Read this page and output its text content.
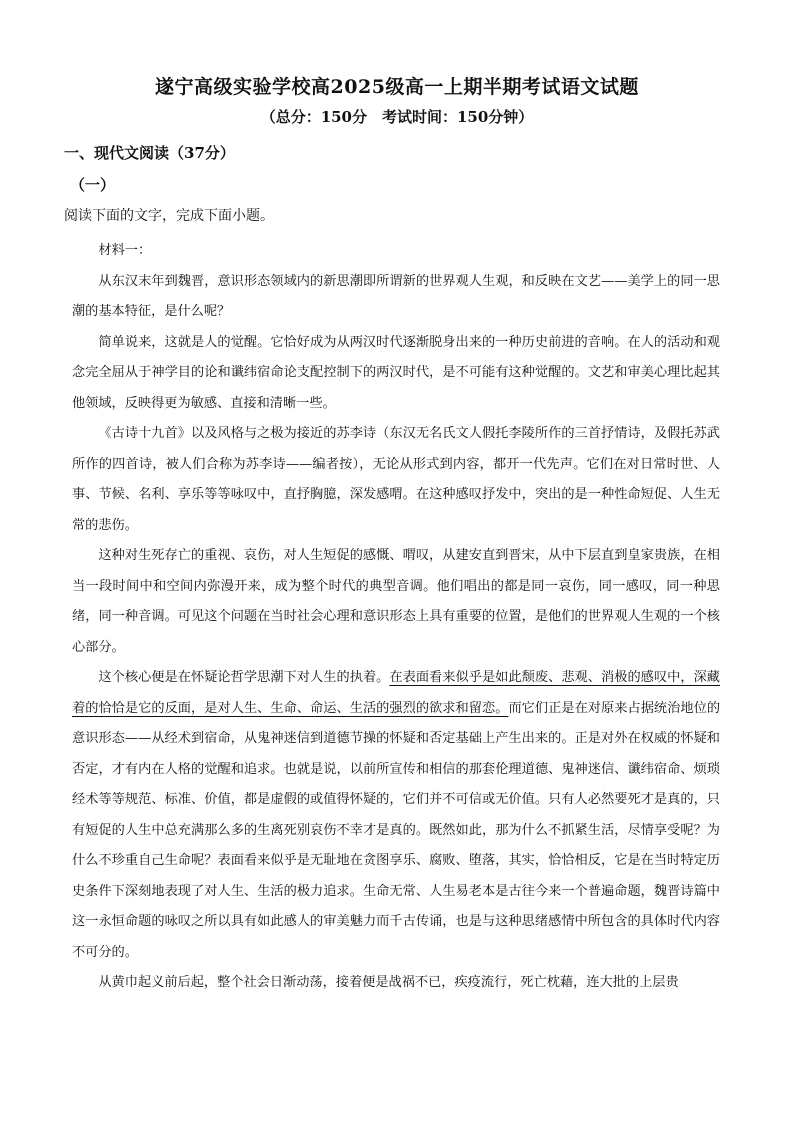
遂宁高级实验学校高2025级高一上期半期考试语文试题
（总分：150分　考试时间：150分钟）
一、现代文阅读（37分）
（一）
阅读下面的文字，完成下面小题。

材料一：

从东汉末年到魏晋，意识形态领域内的新思潮即所谓新的世界观人生观，和反映在文艺——美学上的同一思潮的基本特征，是什么呢？

简单说来，这就是人的觉醒。它恰好成为从两汉时代逐渐脱身出来的一种历史前进的音响。在人的活动和观念完全屈从于神学目的论和谶纬宿命论支配控制下的两汉时代，是不可能有这种觉醒的。文艺和审美心理比起其他领域，反映得更为敏感、直接和清晰一些。

《古诗十九首》以及风格与之极为接近的苏李诗（东汉无名氏文人假托李陵所作的三首抒情诗，及假托苏武所作的四首诗，被人们合称为苏李诗——编者按），无论从形式到内容，都开一代先声。它们在对日常时世、人事、节候、名利、享乐等等咏叹中，直抒胸臆，深发感喟。在这种感叹抒发中，突出的是一种性命短促、人生无常的悲伤。

这种对生死存亡的重视、哀伤，对人生短促的感慨、喟叹，从建安直到晋宋，从中下层直到皇家贵族，在相当一段时间中和空间内弥漫开来，成为整个时代的典型音调。他们唱出的都是同一哀伤，同一感叹，同一种思绪，同一种音调。可见这个问题在当时社会心理和意识形态上具有重要的位置，是他们的世界观人生观的一个核心部分。

这个核心便是在怀疑论哲学思潮下对人生的执着。在表面看来似乎是如此颓废、悲观、消极的感叹中，深藏着的恰恰是它的反面，是对人生、生命、命运、生活的强烈的欲求和留恋。而它们正是在对原来占据统治地位的意识形态——从经术到宿命，从鬼神迷信到道德节操的怀疑和否定基础上产生出来的。正是对外在权威的怀疑和否定，才有内在人格的觉醒和追求。也就是说，以前所宣传和相信的那套伦理道德、鬼神迷信、谶纬宿命、烦琐经术等等规范、标准、价值，都是虚假的或值得怀疑的，它们并不可信或无价值。只有人必然要死才是真的，只有短促的人生中总充满那么多的生离死别哀伤不幸才是真的。既然如此，那为什么不抓紧生活，尽情享受呢？为什么不珍重自己生命呢？表面看来似乎是无耻地在贪图享乐、腐败、堕落，其实，恰恰相反，它是在当时特定历史条件下深刻地表现了对人生、生活的极力追求。生命无常、人生易老本是古往今来一个普遍命题，魏晋诗篇中这一永恒命题的咏叹之所以具有如此感人的审美魅力而千古传诵，也是与这种思绪感情中所包含的具体时代内容不可分的。

从黄巾起义前后起，整个社会日渐动荡，接着便是战祸不已，疾疫流行，死亡枕藉，连大批的上层贵
